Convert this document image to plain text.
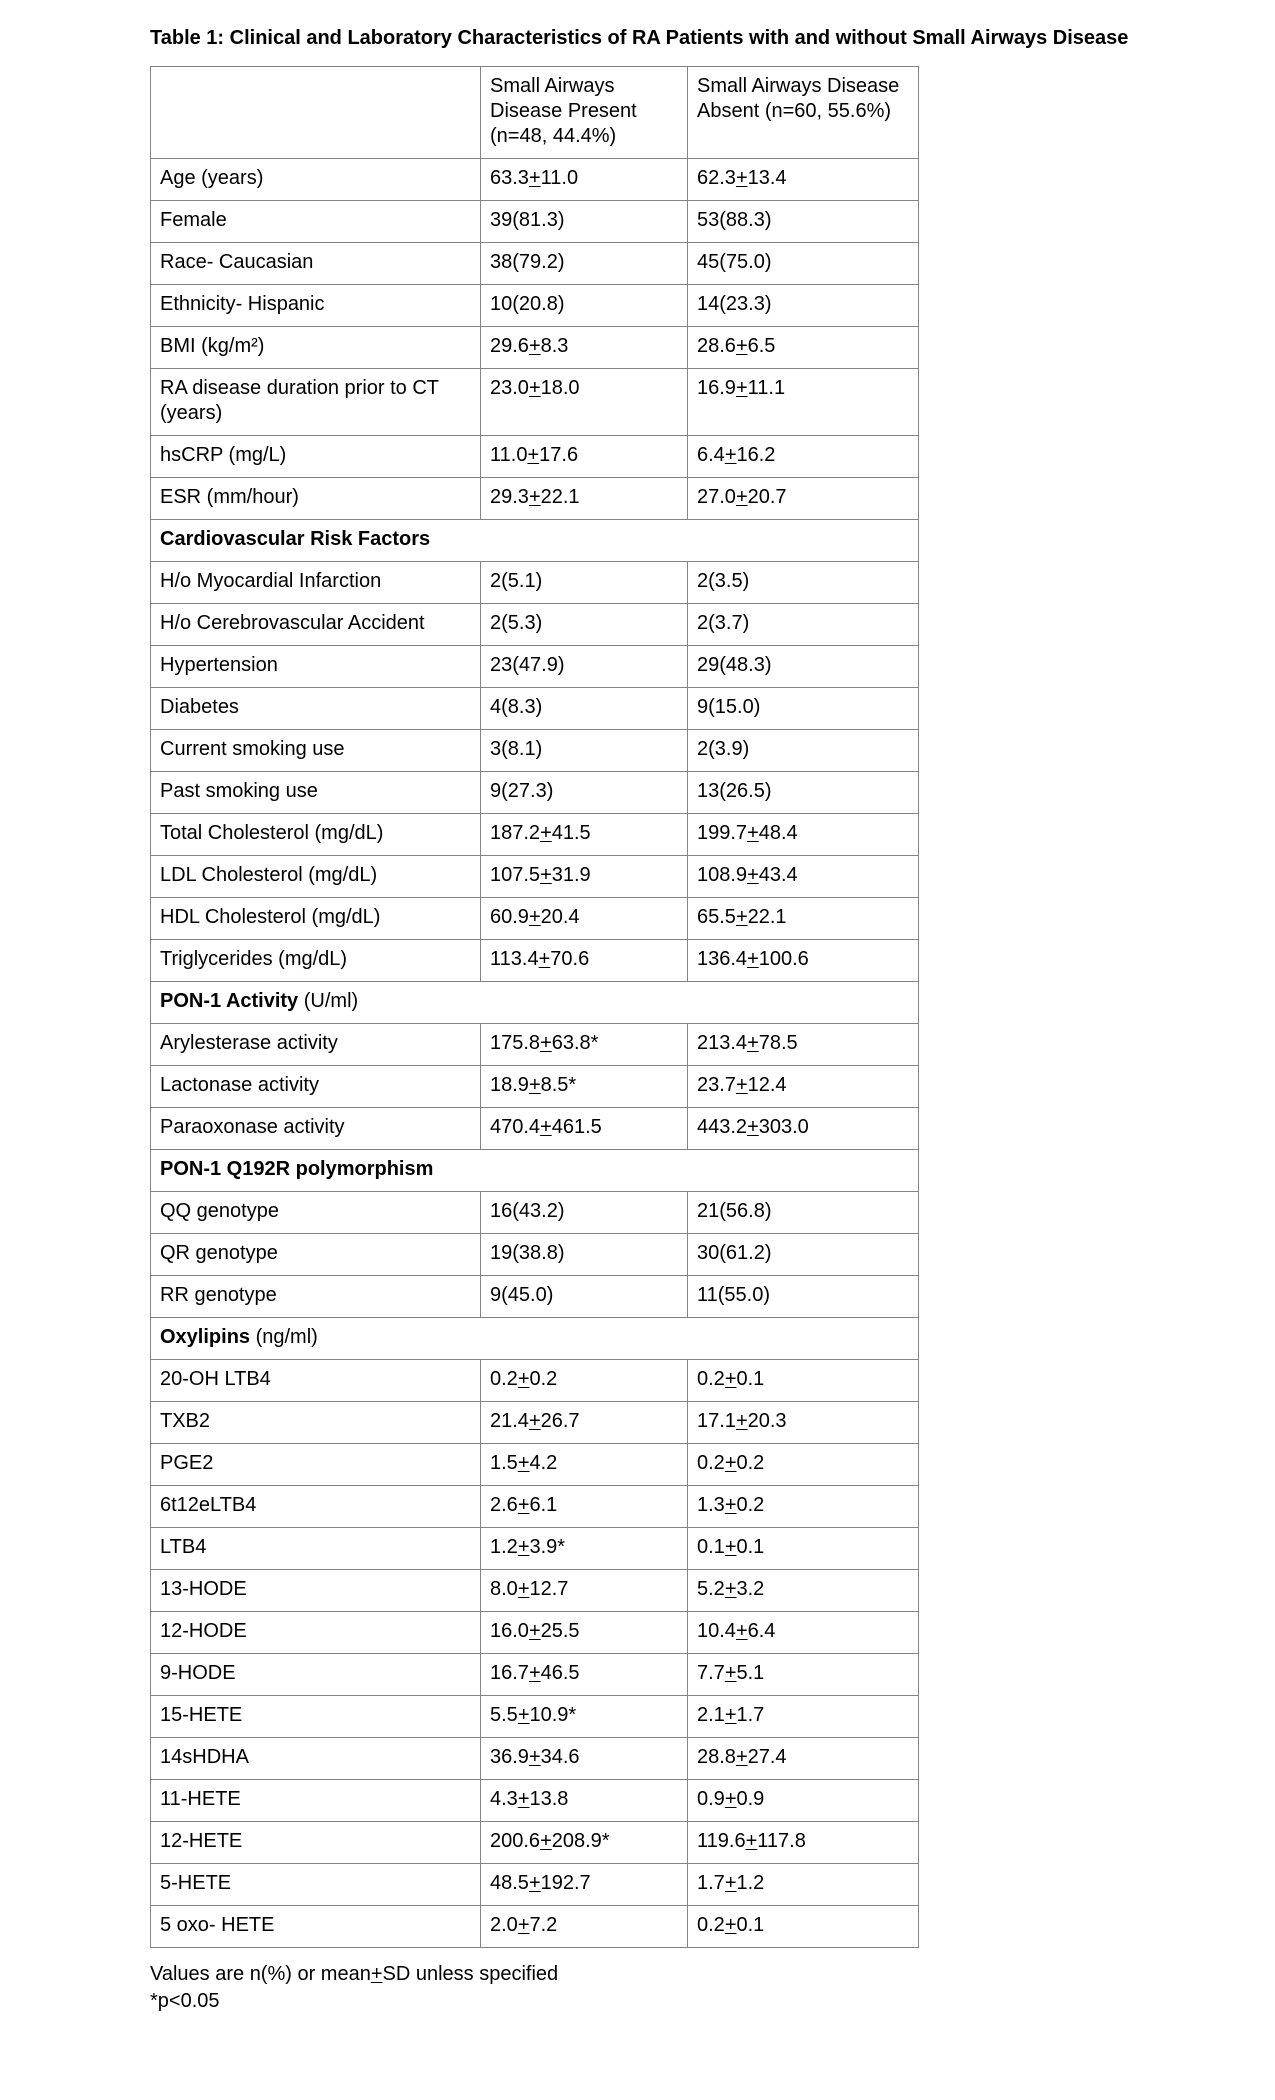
Table 1: Clinical and Laboratory Characteristics of RA Patients with and without Small Airways Disease
	Small Airways Disease Present (n=48, 44.4%)	Small Airways Disease Absent (n=60, 55.6%)
Age (years)	63.3+11.0	62.3+13.4
Female	39(81.3)	53(88.3)
Race- Caucasian	38(79.2)	45(75.0)
Ethnicity- Hispanic	10(20.8)	14(23.3)
BMI (kg/m²)	29.6+8.3	28.6+6.5
RA disease duration prior to CT (years)	23.0+18.0	16.9+11.1
hsCRP (mg/L)	11.0+17.6	6.4+16.2
ESR (mm/hour)	29.3+22.1	27.0+20.7
Cardiovascular Risk Factors		
H/o Myocardial Infarction	2(5.1)	2(3.5)
H/o Cerebrovascular Accident	2(5.3)	2(3.7)
Hypertension	23(47.9)	29(48.3)
Diabetes	4(8.3)	9(15.0)
Current smoking use	3(8.1)	2(3.9)
Past smoking use	9(27.3)	13(26.5)
Total Cholesterol (mg/dL)	187.2+41.5	199.7+48.4
LDL Cholesterol (mg/dL)	107.5+31.9	108.9+43.4
HDL Cholesterol (mg/dL)	60.9+20.4	65.5+22.1
Triglycerides (mg/dL)	113.4+70.6	136.4+100.6
PON-1 Activity (U/ml)		
Arylesterase activity	175.8+63.8*	213.4+78.5
Lactonase activity	18.9+8.5*	23.7+12.4
Paraoxonase activity	470.4+461.5	443.2+303.0
PON-1 Q192R polymorphism		
QQ genotype	16(43.2)	21(56.8)
QR genotype	19(38.8)	30(61.2)
RR genotype	9(45.0)	11(55.0)
Oxylipins (ng/ml)		
20-OH LTB4	0.2+0.2	0.2+0.1
TXB2	21.4+26.7	17.1+20.3
PGE2	1.5+4.2	0.2+0.2
6t12eLTB4	2.6+6.1	1.3+0.2
LTB4	1.2+3.9*	0.1+0.1
13-HODE	8.0+12.7	5.2+3.2
12-HODE	16.0+25.5	10.4+6.4
9-HODE	16.7+46.5	7.7+5.1
15-HETE	5.5+10.9*	2.1+1.7
14sHDHA	36.9+34.6	28.8+27.4
11-HETE	4.3+13.8	0.9+0.9
12-HETE	200.6+208.9*	119.6+117.8
5-HETE	48.5+192.7	1.7+1.2
5 oxo- HETE	2.0+7.2	0.2+0.1

Values are n(%) or mean+SD unless specified

*p<0.05
